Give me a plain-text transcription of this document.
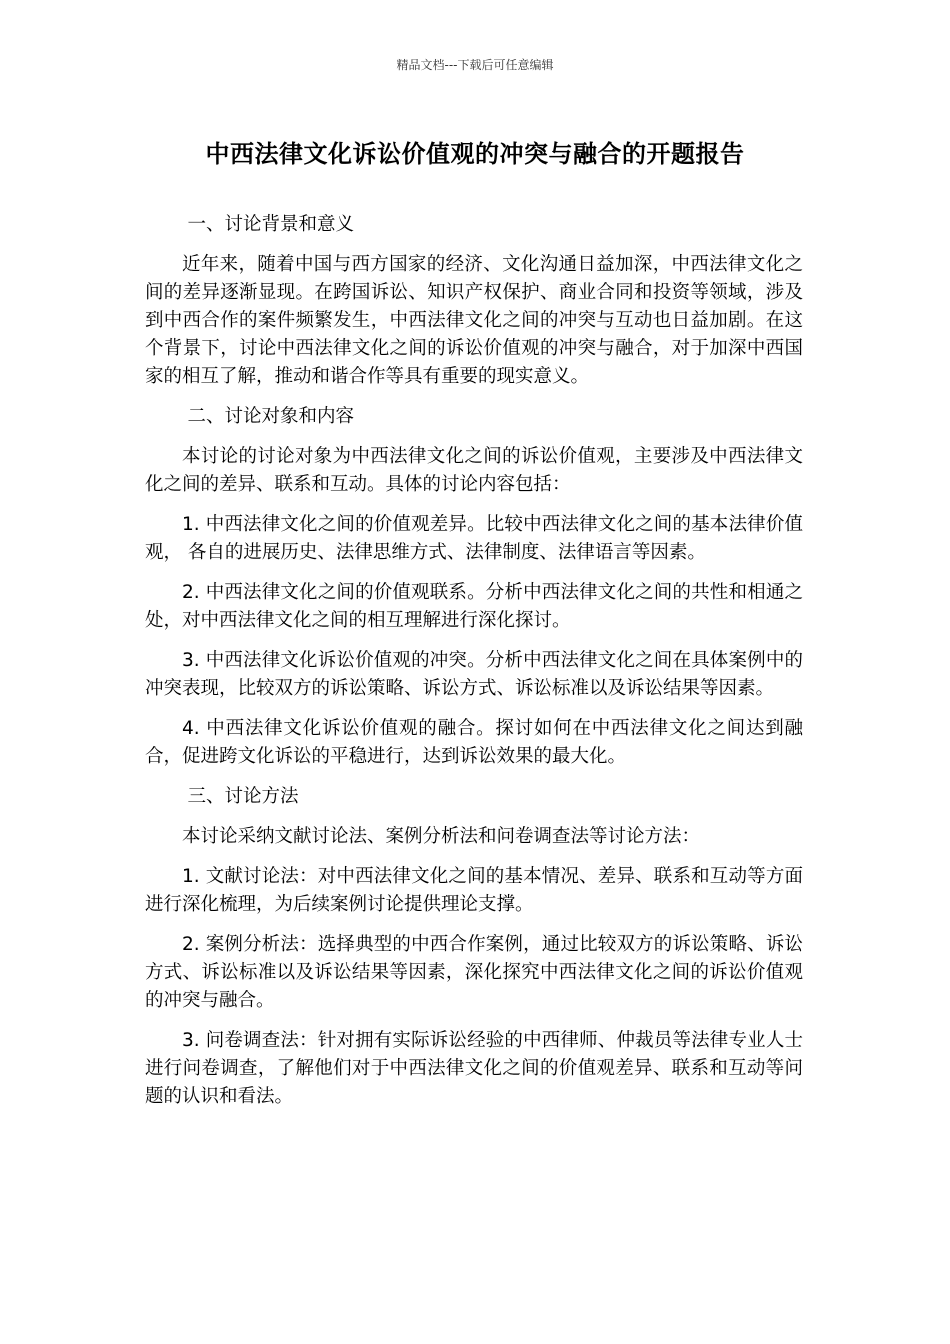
精品文档---下载后可任意编辑
中西法律文化诉讼价值观的冲突与融合的开题报告

一、讨论背景和意义

近年来，随着中国与西方国家的经济、文化沟通日益加深，中西法律文化之间的差异逐渐显现。在跨国诉讼、知识产权保护、商业合同和投资等领域，涉及到中西合作的案件频繁发生，中西法律文化之间的冲突与互动也日益加剧。在这个背景下，讨论中西法律文化之间的诉讼价值观的冲突与融合，对于加深中西国家的相互了解，推动和谐合作等具有重要的现实意义。

二、讨论对象和内容

本讨论的讨论对象为中西法律文化之间的诉讼价值观，主要涉及中西法律文化之间的差异、联系和互动。具体的讨论内容包括：

1. 中西法律文化之间的价值观差异。比较中西法律文化之间的基本法律价值观， 各自的进展历史、法律思维方式、法律制度、法律语言等因素。

2. 中西法律文化之间的价值观联系。分析中西法律文化之间的共性和相通之处，对中西法律文化之间的相互理解进行深化探讨。

3. 中西法律文化诉讼价值观的冲突。分析中西法律文化之间在具体案例中的冲突表现，比较双方的诉讼策略、诉讼方式、诉讼标准以及诉讼结果等因素。

4. 中西法律文化诉讼价值观的融合。探讨如何在中西法律文化之间达到融合，促进跨文化诉讼的平稳进行，达到诉讼效果的最大化。

三、讨论方法

本讨论采纳文献讨论法、案例分析法和问卷调查法等讨论方法：

1. 文献讨论法：对中西法律文化之间的基本情况、差异、联系和互动等方面进行深化梳理，为后续案例讨论提供理论支撑。

2. 案例分析法：选择典型的中西合作案例，通过比较双方的诉讼策略、诉讼方式、诉讼标准以及诉讼结果等因素，深化探究中西法律文化之间的诉讼价值观的冲突与融合。

3. 问卷调查法：针对拥有实际诉讼经验的中西律师、仲裁员等法律专业人士进行问卷调查，了解他们对于中西法律文化之间的价值观差异、联系和互动等问题的认识和看法。
